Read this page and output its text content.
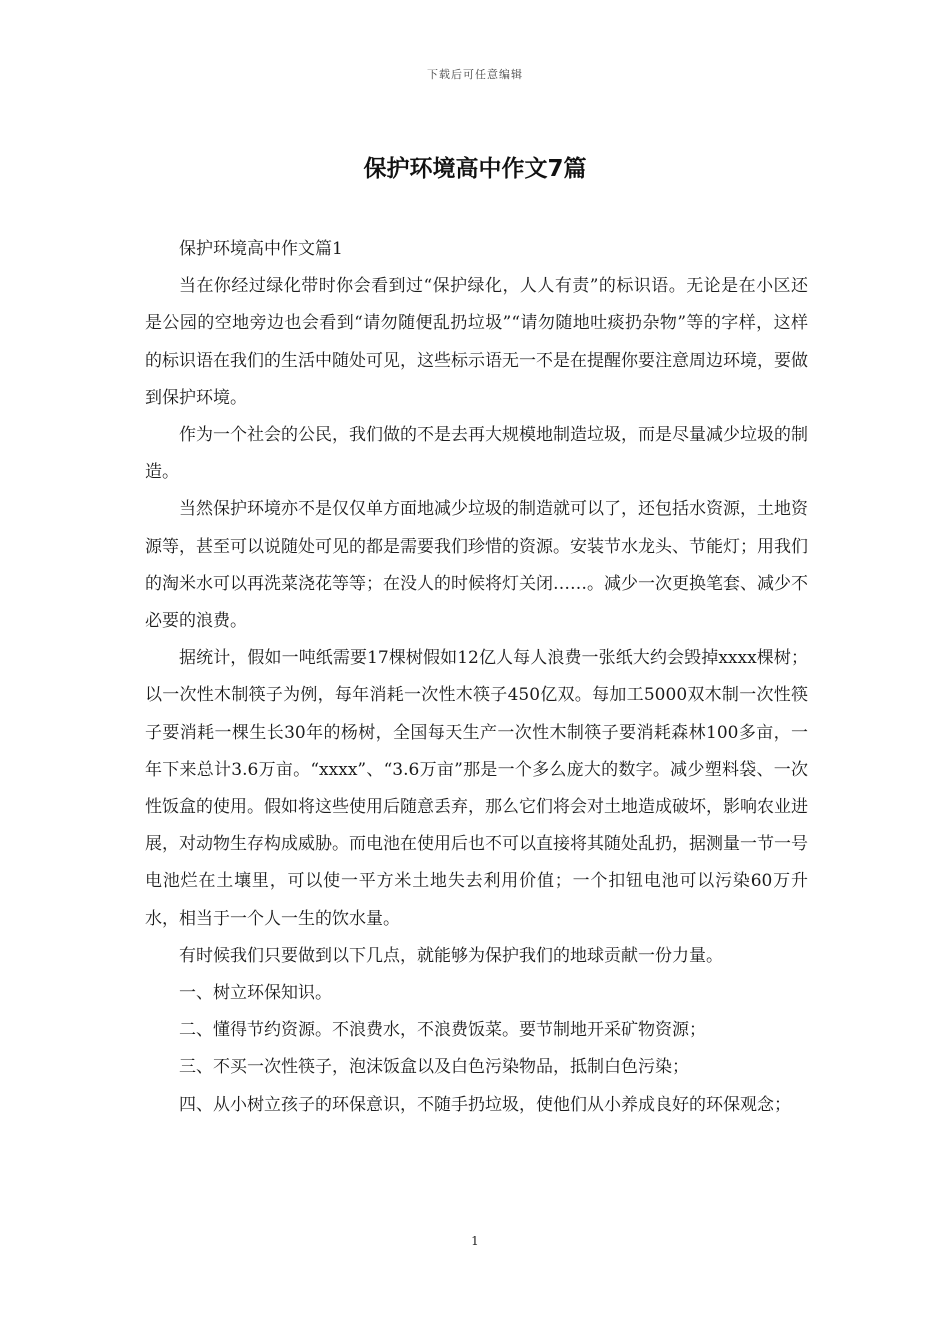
下载后可任意编辑
保护环境高中作文7篇

保护环境高中作文篇1

当在你经过绿化带时你会看到过“保护绿化，人人有责”的标识语。无论是在小区还是公园的空地旁边也会看到“请勿随便乱扔垃圾”“请勿随地吐痰扔杂物”等的字样，这样的标识语在我们的生活中随处可见，这些标示语无一不是在提醒你要注意周边环境，要做到保护环境。

作为一个社会的公民，我们做的不是去再大规模地制造垃圾，而是尽量减少垃圾的制造。

当然保护环境亦不是仅仅单方面地减少垃圾的制造就可以了，还包括水资源，土地资源等，甚至可以说随处可见的都是需要我们珍惜的资源。安装节水龙头、节能灯；用我们的淘米水可以再洗菜浇花等等；在没人的时候将灯关闭……。减少一次更换笔套、减少不必要的浪费。

据统计，假如一吨纸需要17棵树假如12亿人每人浪费一张纸大约会毁掉xxxx棵树；以一次性木制筷子为例，每年消耗一次性木筷子450亿双。每加工5000双木制一次性筷子要消耗一棵生长30年的杨树，全国每天生产一次性木制筷子要消耗森林100多亩，一年下来总计3.6万亩。“xxxx”、“3.6万亩”那是一个多么庞大的数字。减少塑料袋、一次性饭盒的使用。假如将这些使用后随意丢弃，那么它们将会对土地造成破坏，影响农业进展，对动物生存构成威胁。而电池在使用后也不可以直接将其随处乱扔，据测量一节一号电池烂在土壤里，可以使一平方米土地失去利用价值；一个扣钮电池可以污染60万升水，相当于一个人一生的饮水量。

有时候我们只要做到以下几点，就能够为保护我们的地球贡献一份力量。

一、树立环保知识。

二、懂得节约资源。不浪费水，不浪费饭菜。要节制地开采矿物资源；

三、不买一次性筷子，泡沫饭盒以及白色污染物品，抵制白色污染；

四、从小树立孩子的环保意识，不随手扔垃圾，使他们从小养成良好的环保观念；

1
